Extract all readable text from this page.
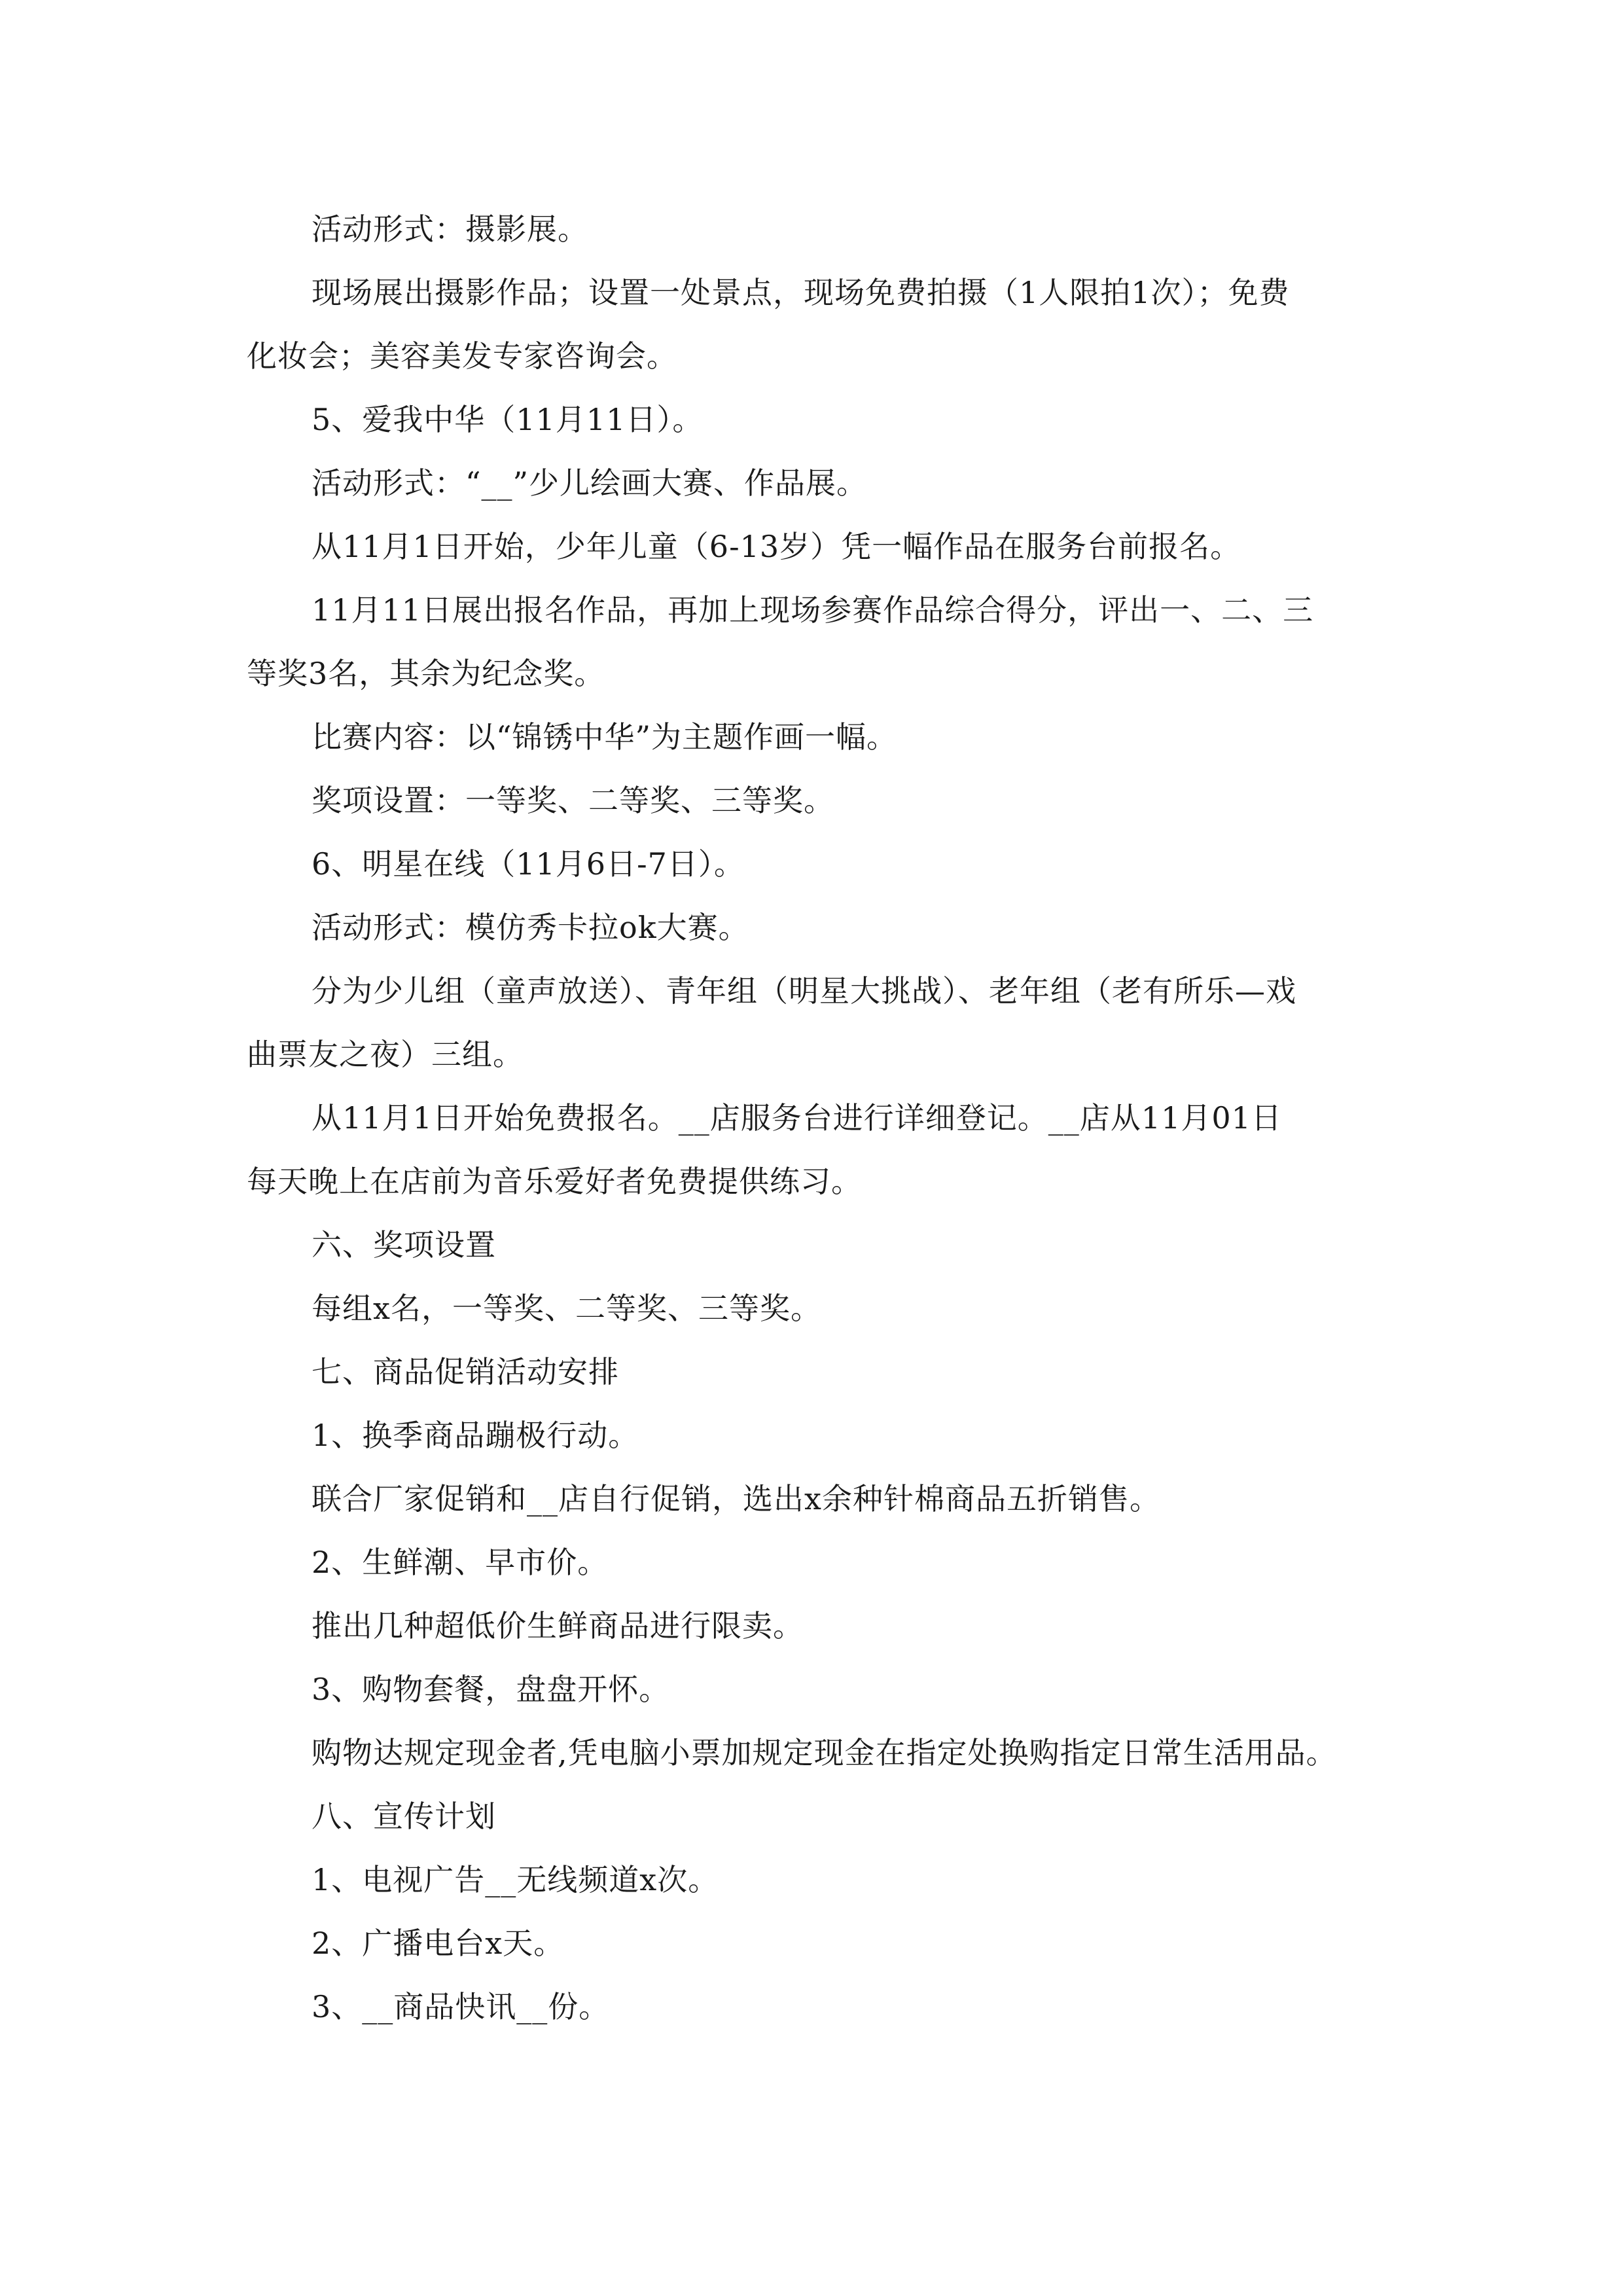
活动形式：摄影展。
现场展出摄影作品；设置一处景点，现场免费拍摄（1人限拍1次）；免费
化妆会；美容美发专家咨询会。
5、爱我中华（11月11日）。
活动形式：“__”少儿绘画大赛、作品展。
从11月1日开始，少年儿童（6-13岁）凭一幅作品在服务台前报名。
11月11日展出报名作品，再加上现场参赛作品综合得分，评出一、二、三
等奖3名，其余为纪念奖。
比赛内容：以“锦锈中华”为主题作画一幅。
奖项设置：一等奖、二等奖、三等奖。
6、明星在线（11月6日-7日）。
活动形式：模仿秀卡拉ok大赛。
分为少儿组（童声放送）、青年组（明星大挑战）、老年组（老有所乐—戏
曲票友之夜）三组。
从11月1日开始免费报名。__店服务台进行详细登记。__店从11月01日
每天晚上在店前为音乐爱好者免费提供练习。
六、奖项设置
每组x名，一等奖、二等奖、三等奖。
七、商品促销活动安排
1、换季商品蹦极行动。
联合厂家促销和__店自行促销，选出x余种针棉商品五折销售。
2、生鲜潮、早市价。
推出几种超低价生鲜商品进行限卖。
3、购物套餐，盘盘开怀。
购物达规定现金者,凭电脑小票加规定现金在指定处换购指定日常生活用品。
八、宣传计划
1、电视广告__无线频道x次。
2、广播电台x天。
3、__商品快讯__份。
